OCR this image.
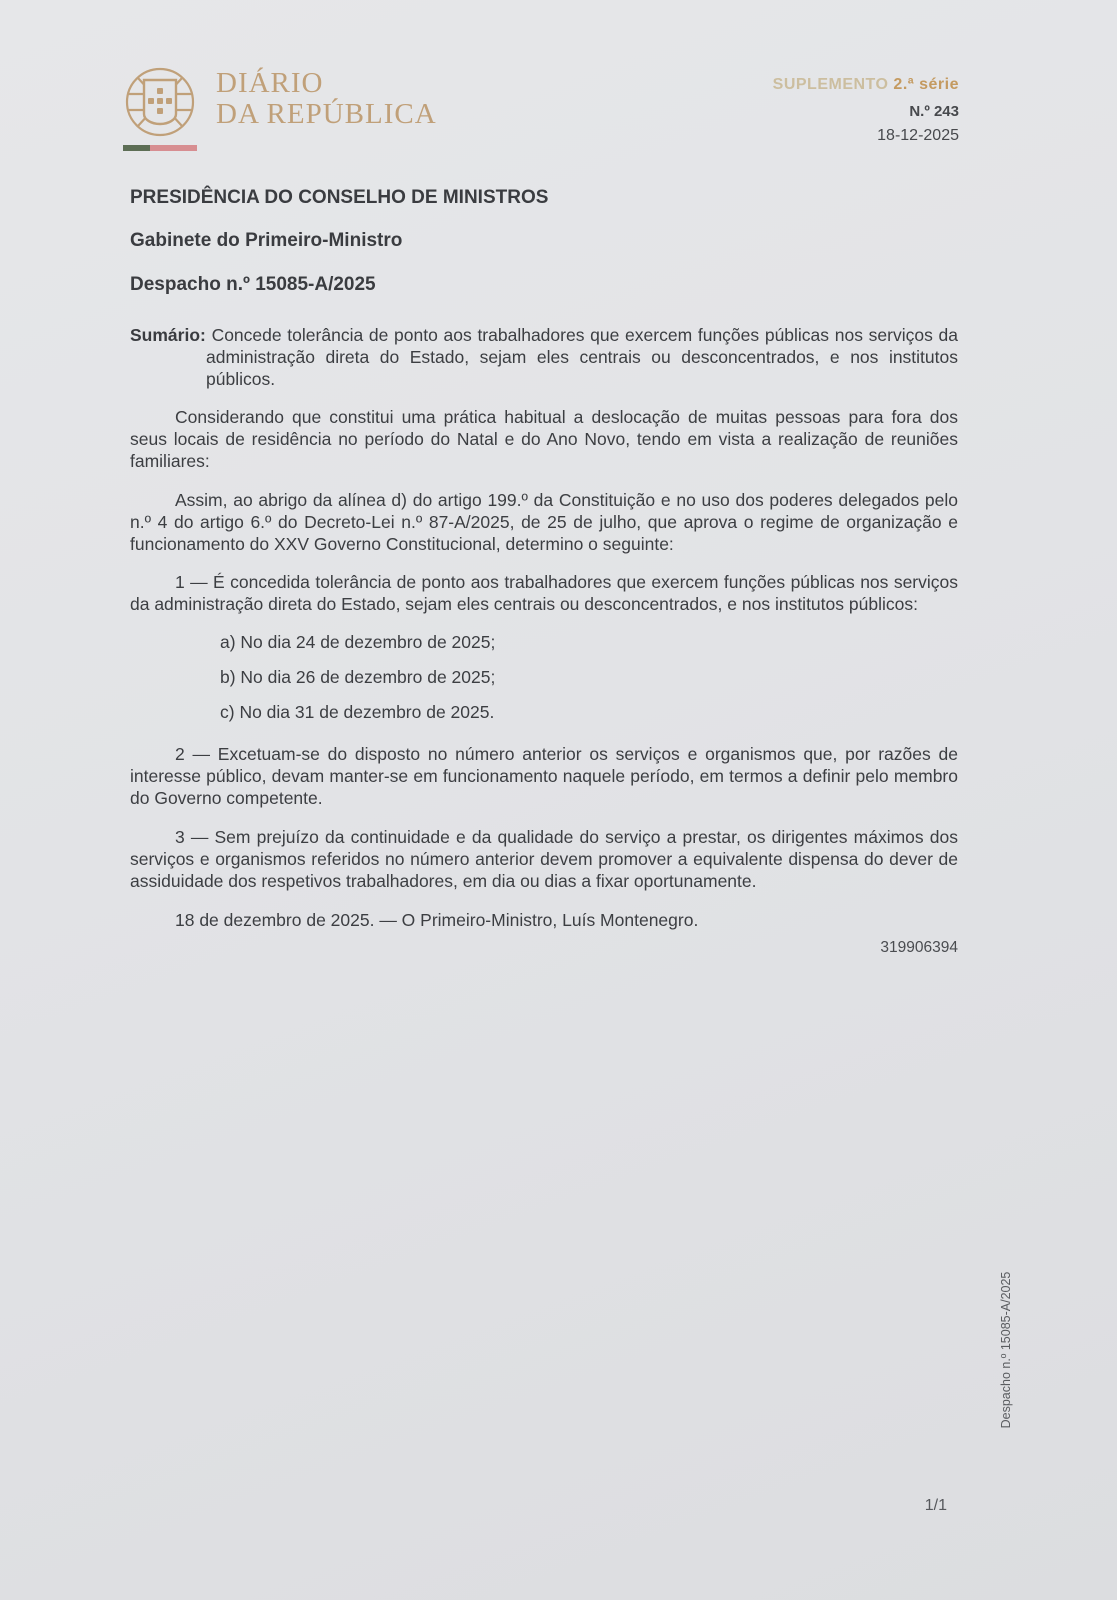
DIÁRIO
DA REPÚBLICA
SUPLEMENTO 2.ª série
N.º 243
18-12-2025
PRESIDÊNCIA DO CONSELHO DE MINISTROS
Gabinete do Primeiro-Ministro
Despacho n.º 15085-A/2025

Sumário: Concede tolerância de ponto aos trabalhadores que exercem funções públicas nos serviços da administração direta do Estado, sejam eles centrais ou desconcentrados, e nos institutos públicos.

Considerando que constitui uma prática habitual a deslocação de muitas pessoas para fora dos seus locais de residência no período do Natal e do Ano Novo, tendo em vista a realização de reuniões familiares:

Assim, ao abrigo da alínea d) do artigo 199.º da Constituição e no uso dos poderes delegados pelo n.º 4 do artigo 6.º do Decreto-Lei n.º 87-A/2025, de 25 de julho, que aprova o regime de organização e funcionamento do XXV Governo Constitucional, determino o seguinte:

1 — É concedida tolerância de ponto aos trabalhadores que exercem funções públicas nos serviços da administração direta do Estado, sejam eles centrais ou desconcentrados, e nos institutos públicos:

a) No dia 24 de dezembro de 2025;

b) No dia 26 de dezembro de 2025;

c) No dia 31 de dezembro de 2025.

2 — Excetuam-se do disposto no número anterior os serviços e organismos que, por razões de interesse público, devam manter-se em funcionamento naquele período, em termos a definir pelo membro do Governo competente.

3 — Sem prejuízo da continuidade e da qualidade do serviço a prestar, os dirigentes máximos dos serviços e organismos referidos no número anterior devem promover a equivalente dispensa do dever de assiduidade dos respetivos trabalhadores, em dia ou dias a fixar oportunamente.

18 de dezembro de 2025. — O Primeiro-Ministro, Luís Montenegro.

319906394
Despacho n.º 15085-A/2025
1/1
